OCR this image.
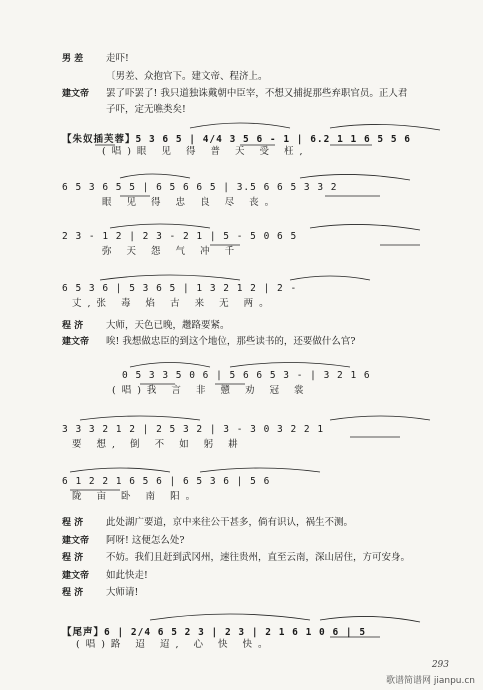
男 差	走吓!
〔男差、众抱官下。建文帝、程济上。
建文帝	罢了吓罢了! 我只道独诛戴朝中臣宰，不想又捕捉那些弃职官员。正人君
子吓，定无噍类矣!
【朱奴插芙蓉】5 3 6 5 | 4/4 3 5 6 - 1 | 6.2 1 1 6 5 5 6
(唱)眼 见 得 普 天 受 枉,
6 5 3 6 5 5 | 6 5 6 6 5 | 3.5 6 6 5 3 3 2
眼 见 得 忠 良 尽 丧。
2 3 - 1 2 | 2 3 - 2 1 | 5 - 5 0 6 5
弥 天 怨 气 冲 千
6 5 3 6 | 5 3 6 5 | 1 3 2 1 2 | 2 -
丈,张 毒 焰 古 来 无 两。
程 济	大师，天色已晚，趱路要紧。
建文帝	唉! 我想做忠臣的到这个地位，那些读书的，还要做什么官?
0 5 3 3 5 0 6 | 5 6 6 5 3 - | 3 2 1 6
(唱)我 言 非 戆 劝 冠 裳
3 3 3 2 1 2 | 2 5 3 2 | 3 - 3 0 3 2 2 1
要 想, 倒 不 如 躬 耕
6 1 2 2 1 6 5 6 | 6 5 3 6 | 5 6
陇 亩 卧 南 阳。
程 济	此处湖广要道，京中来往公干甚多，倘有识认，祸生不测。
建文帝	阿呀! 这便怎么处?
程 济	不妨。我们且赶到武冈州，速往贵州，直至云南，深山居住，方可安身。
建文帝	如此快走!
程 济	大师请!
【尾声】6 | 2/4 6 5 2 3 | 2 3 | 2 1 6 1 0 6 | 5
(唱)路 迢 迢, 心 快 快。
293
歌谱简谱网 jianpu.cn
